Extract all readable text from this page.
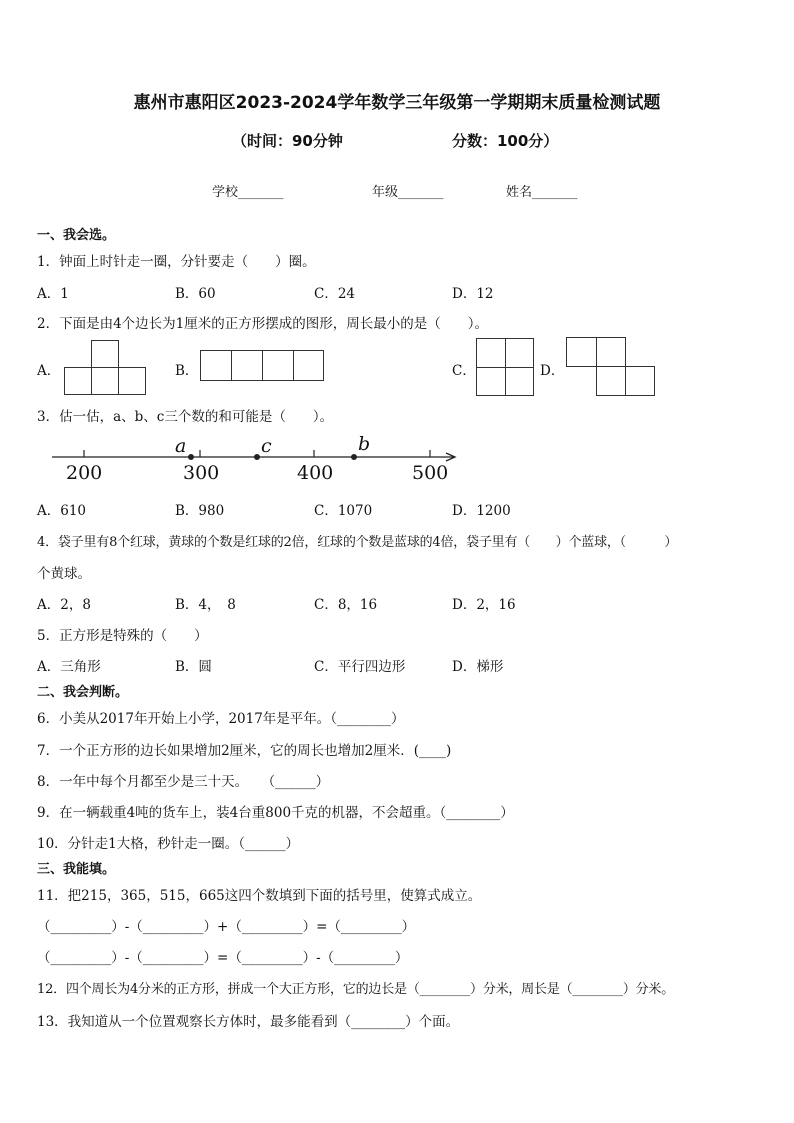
惠州市惠阳区2023-2024学年数学三年级第一学期期末质量检测试题
（时间：90分钟	分数：100分）
学校_______	年级_______	姓名_______
一、我会选。
1．钟面上时针走一圈，分针要走（　　）圈。
A．1	B．60	C．24	D．12
2．下面是由4个边长为1厘米的正方形摆成的图形，周长最小的是（　　）。
A．	B．	C．	D．
3．估一估，a、b、c三个数的和可能是（　　）。
200	300	400	500
a	c	b
A．610	B．980	C．1070	D．1200
4．袋子里有8个红球，黄球的个数是红球的2倍，红球的个数是蓝球的4倍，袋子里有（　　）个蓝球，（　　　）
个黄球。
A．2，8	B．4，　8	C．8，16	D．2，16
5．正方形是特殊的（　　）
A．三角形	B．圆	C．平行四边形	D．梯形
二、我会判断。
6．小美从2017年开始上小学，2017年是平年。（________）
7．一个正方形的边长如果增加2厘米，它的周长也增加2厘米．(____)
8．一年中每个月都至少是三十天。　　（______）
9．在一辆载重4吨的货车上，装4台重800千克的机器，不会超重。（________）
10．分针走1大格，秒针走一圈。（______）
三、我能填。
11．把215，365，515，665这四个数填到下面的括号里，使算式成立。
（_________）-（_________）+（_________）=（_________）
（_________）-（_________）=（_________）-（_________）
12．四个周长为4分米的正方形，拼成一个大正方形，它的边长是（________）分米，周长是（________）分米。
13．我知道从一个位置观察长方体时，最多能看到（________）个面。
